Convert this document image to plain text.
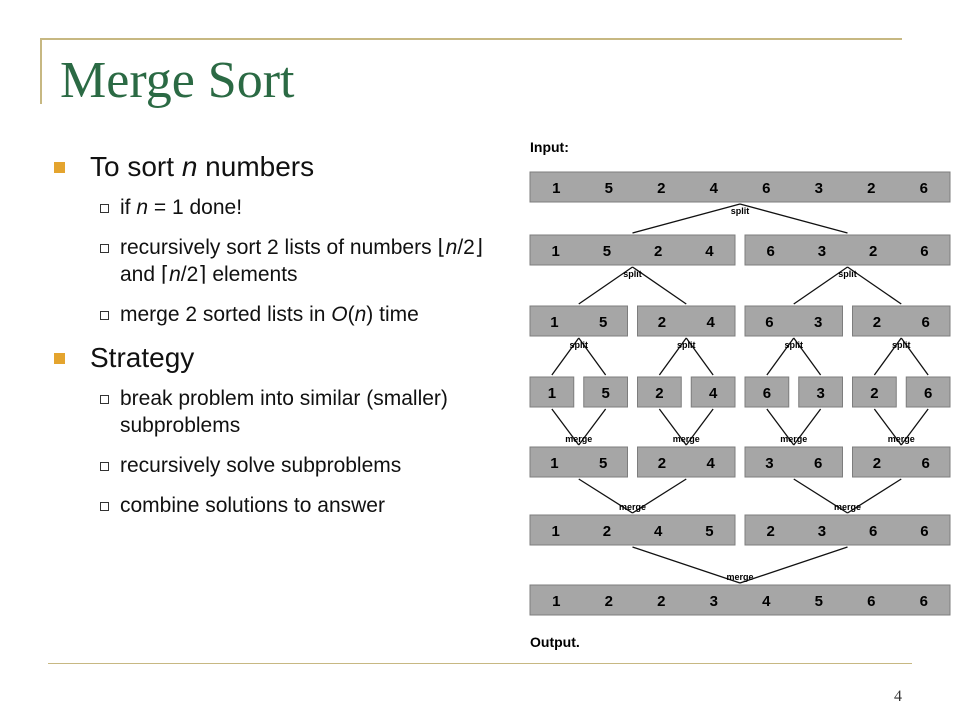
Merge Sort
To sort n numbers
if n = 1 done!
recursively sort 2 lists of numbers ⌊n/2⌋ and ⌈n/2⌉ elements
merge 2 sorted lists in O(n) time
Strategy
break problem into similar (smaller) subproblems
recursively solve subproblems
combine solutions to answer
Input:
Output.
split
split	split
split	split	split	split
merge	merge	merge	merge
merge	merge
merge
1	5	2	4	6	3	2	6
1	5	2	4	6	3	2	6
1	5	2	4	6	3	2	6
1	5	2	4	6	3	2	6
1	5	2	4	3	6	2	6
1	2	4	5	2	3	6	6
1	2	2	3	4	5	6	6
4
